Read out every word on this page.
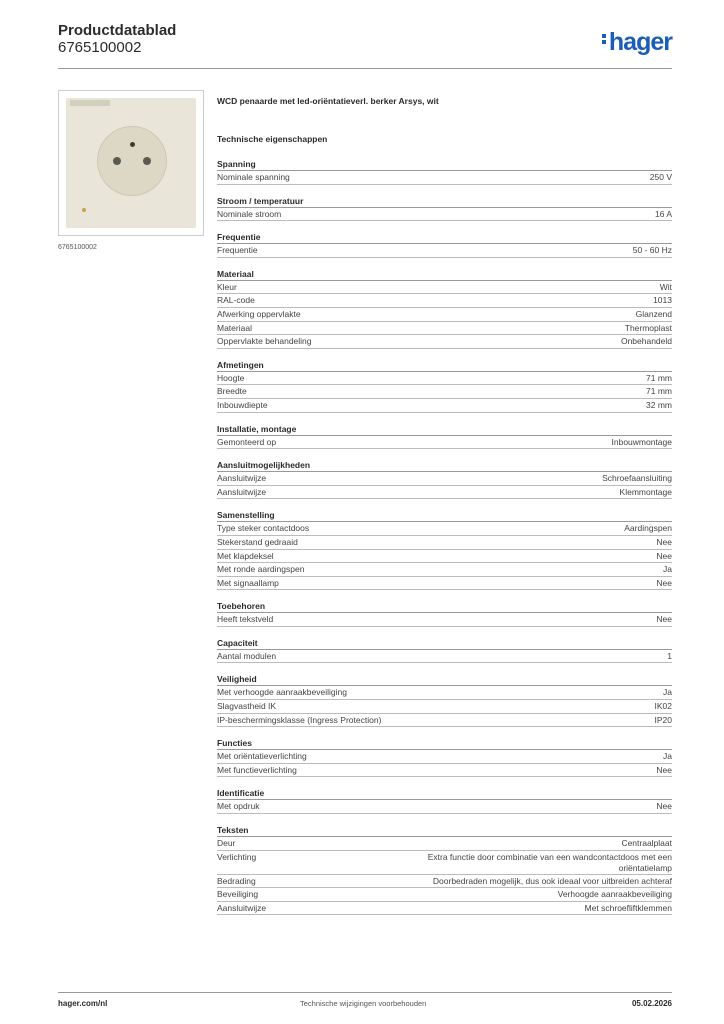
Productdatablad
6765100002	hager
6765100002
WCD penaarde met led-oriëntatieverl. berker Arsys, wit
Technische eigenschappen
Spanning
Nominale spanning	250 V
Stroom / temperatuur
Nominale stroom	16 A
Frequentie
Frequentie	50 - 60 Hz
Materiaal
Kleur	Wit
RAL-code	1013
Afwerking oppervlakte	Glanzend
Materiaal	Thermoplast
Oppervlakte behandeling	Onbehandeld
Afmetingen
Hoogte	71 mm
Breedte	71 mm
Inbouwdiepte	32 mm
Installatie, montage
Gemonteerd op	Inbouwmontage
Aansluitmogelijkheden
Aansluitwijze	Schroefaansluiting
Aansluitwijze	Klemmontage
Samenstelling
Type steker contactdoos	Aardingspen
Stekerstand gedraaid	Nee
Met klapdeksel	Nee
Met ronde aardingspen	Ja
Met signaallamp	Nee
Toebehoren
Heeft tekstveld	Nee
Capaciteit
Aantal modulen	1
Veiligheid
Met verhoogde aanraakbeveiliging	Ja
Slagvastheid IK	IK02
IP-beschermingsklasse (Ingress Protection)	IP20
Functies
Met oriëntatieverlichting	Ja
Met functieverlichting	Nee
Identificatie
Met opdruk	Nee
Teksten
Deur	Centraalplaat
Verlichting	Extra functie door combinatie van een wandcontactdoos met een oriëntatielamp
Bedrading	Doorbedraden mogelijk, dus ook ideaal voor uitbreiden achteraf
Beveiliging	Verhoogde aanraakbeveiliging
Aansluitwijze	Met schroefliftklemmen
hager.com/nl	Technische wijzigingen voorbehouden	05.02.2026
